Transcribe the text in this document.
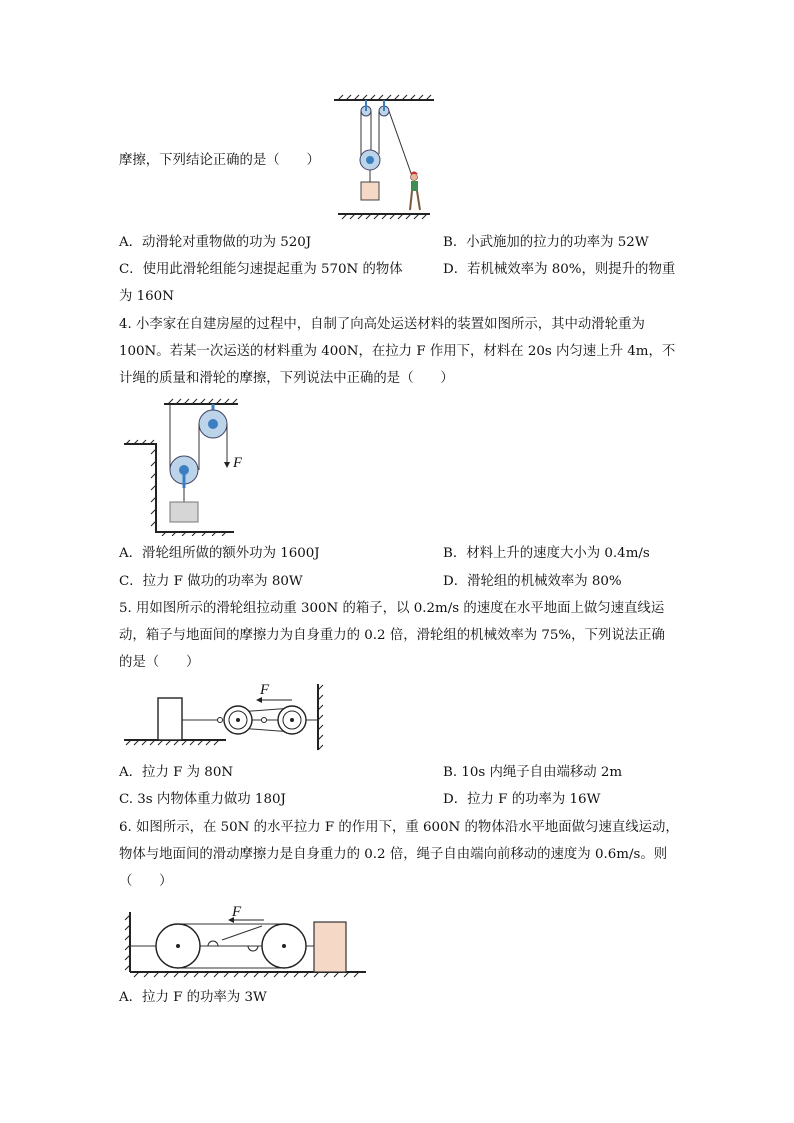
摩擦，下列结论正确的是（　　）
A．动滑轮对重物做的功为 520J	B．小武施加的拉力的功率为 52W
C．使用此滑轮组能匀速提起重为 570N 的物体	D．若机械效率为 80%，则提升的物重
为 160N
4. 小李家在自建房屋的过程中，自制了向高处运送材料的装置如图所示，其中动滑轮重为
100N。若某一次运送的材料重为 400N，在拉力 F 作用下，材料在 20s 内匀速上升 4m，不
计绳的质量和滑轮的摩擦，下列说法中正确的是（　　）
F
A．滑轮组所做的额外功为 1600J	B．材料上升的速度大小为 0.4m/s
C．拉力 F 做功的功率为 80W	D．滑轮组的机械效率为 80%
5. 用如图所示的滑轮组拉动重 300N 的箱子，以 0.2m/s 的速度在水平地面上做匀速直线运
动，箱子与地面间的摩擦力为自身重力的 0.2 倍，滑轮组的机械效率为 75%，下列说法正确
的是（　　）
F
A．拉力 F 为 80N	B. 10s 内绳子自由端移动 2m
C. 3s 内物体重力做功 180J	D．拉力 F 的功率为 16W
6. 如图所示，在 50N 的水平拉力 F 的作用下，重 600N 的物体沿水平地面做匀速直线运动，
物体与地面间的滑动摩擦力是自身重力的 0.2 倍，绳子自由端向前移动的速度为 0.6m/s。则
（　　）
F
A．拉力 F 的功率为 3W
